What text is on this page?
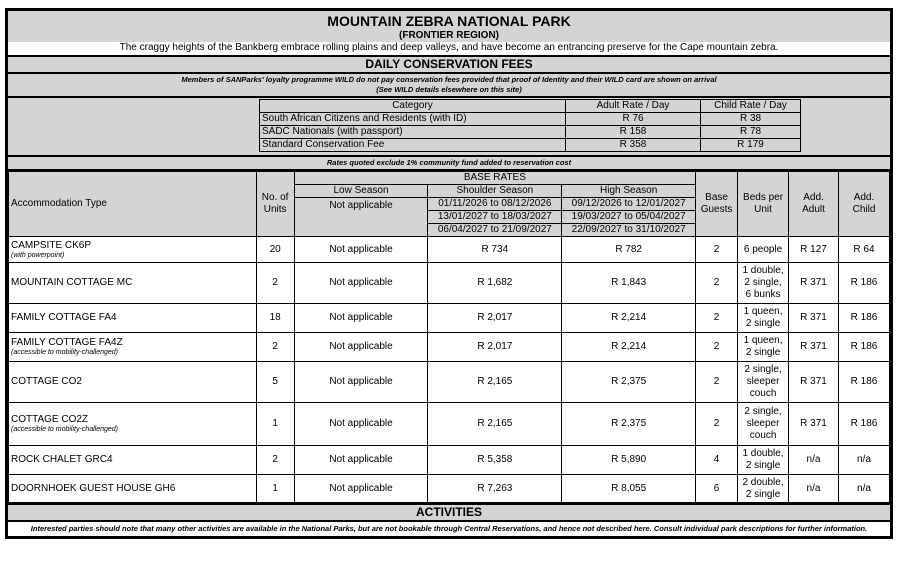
MOUNTAIN ZEBRA NATIONAL PARK
(FRONTIER REGION)
The craggy heights of the Bankberg embrace rolling plains and deep valleys, and have become an entrancing preserve for the Cape mountain zebra.
DAILY CONSERVATION FEES
Members of SANParks' loyalty programme WILD do not pay conservation fees provided that proof of Identity and their WILD card are shown on arrival
(See WILD details elsewhere on this site)
Category	Adult Rate / Day	Child Rate / Day
South African Citizens and Residents (with ID)	R 76	R 38
SADC Nationals (with passport)	R 158	R 78
Standard Conservation Fee	R 358	R 179
Rates quoted exclude 1% community fund added to reservation cost
Accommodation Type	No. of Units	BASE RATES			Base Guests	Beds per Unit	Add. Adult	Add. Child
		Low Season	Shoulder Season	High Season				
		Not applicable	01/11/2026 to 08/12/2026	09/12/2026 to 12/01/2027				
			13/01/2027 to 18/03/2027	19/03/2027 to 05/04/2027				
			06/04/2027 to 21/09/2027	22/09/2027 to 31/10/2027				

CAMPSITE CK6P
(with powerpoint)	20	Not applicable	R 734	R 782	2	6 people	R 127	R 64

MOUNTAIN COTTAGE MC	2	Not applicable	R 1,682	R 1,843	2	1 double,
2 single,
6 bunks	R 371	R 186

FAMILY COTTAGE FA4	18	Not applicable	R 2,017	R 2,214	2	1 queen,
2 single	R 371	R 186

FAMILY COTTAGE FA4Z
(accessible to mobility-challenged)	2	Not applicable	R 2,017	R 2,214	2	1 queen,
2 single	R 371	R 186

COTTAGE CO2	5	Not applicable	R 2,165	R 2,375	2	2 single,
sleeper
couch	R 371	R 186

COTTAGE CO2Z
(accessible to mobility-challenged)	1	Not applicable	R 2,165	R 2,375	2	2 single,
sleeper
couch	R 371	R 186

ROCK CHALET GRC4	2	Not applicable	R 5,358	R 5,890	4	1 double,
2 single	n/a	n/a

DOORNHOEK GUEST HOUSE GH6	1	Not applicable	R 7,263	R 8,055	6	2 double,
2 single	n/a	n/a
ACTIVITIES
Interested parties should note that many other activities are available in the National Parks, but are not bookable through Central Reservations, and hence not described here. Consult individual park descriptions for further information.
